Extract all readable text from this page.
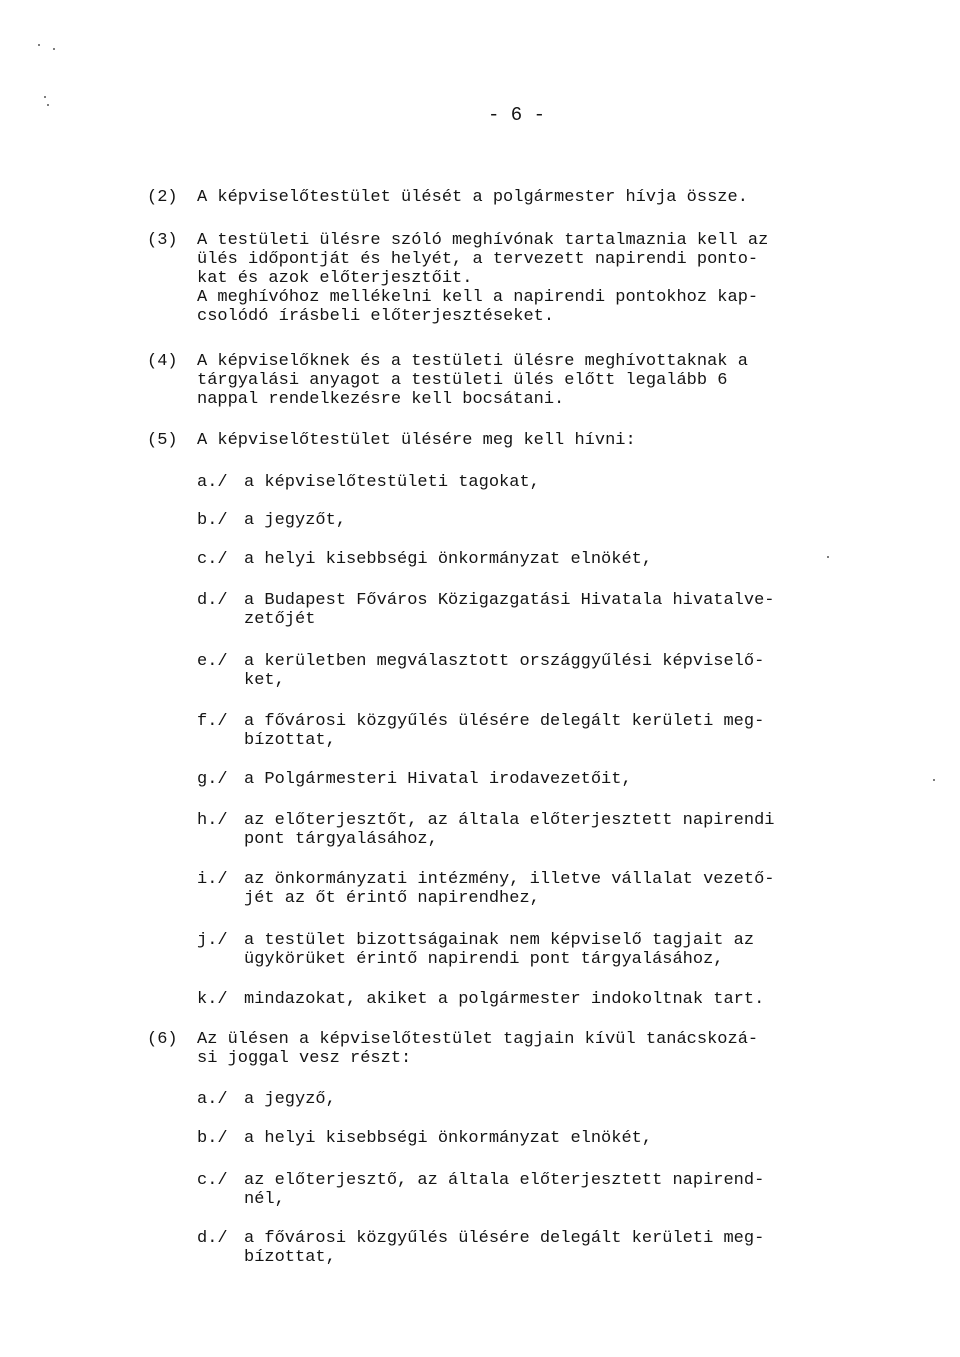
- 6 -
(2) A képviselőtestület ülését a polgármester hívja össze.
(3) A testületi ülésre szóló meghívónak tartalmaznia kell az
ülés időpontját és helyét, a tervezett napirendi pontо-
kat és azok előterjesztőit.
A meghívóhoz mellékelni kell a napirendi pontokhoz kap-
csolódó írásbeli előterjesztéseket.
(4) A képviselőknek és a testületi ülésre meghívottaknak a
tárgyalási anyagot a testületi ülés előtt legalább 6
nappal rendelkezésre kell bocsátani.
(5) A képviselőtestület ülésére meg kell hívni:
a./ a képviselőtestületi tagokat,
b./ a jegyzőt,
c./ a helyi kisebbségi önkormányzat elnökét,
d./ a Budapest Főváros Közigazgatási Hivatala hivatalve-
zetőjét
e./ a kerületben megválasztott országgyűlési képviselő-
ket,
f./ a fővárosi közgyűlés ülésére delegált kerületi meg-
bízottat,
g./ a Polgármesteri Hivatal irodavezetőit,
h./ az előterjesztőt, az általa előterjesztett napirendi
pont tárgyalásához,
i./ az önkormányzati intézmény, illetve vállalat vezető-
jét az őt érintő napirendhez,
j./ a testület bizottságainak nem képviselő tagjait az
ügykörüket érintő napirendi pont tárgyalásához,
k./ mindazokat, akiket a polgármester indokoltnak tart.
(6) Az ülésen a képviselőtestület tagjain kívül tanácskozá-
si joggal vesz részt:
a./ a jegyző,
b./ a helyi kisebbségi önkormányzat elnökét,
c./ az előterjesztő, az általa előterjesztett napirend-
nél,
d./ a fővárosi közgyűlés ülésére delegált kerületi meg-
bízottat,
